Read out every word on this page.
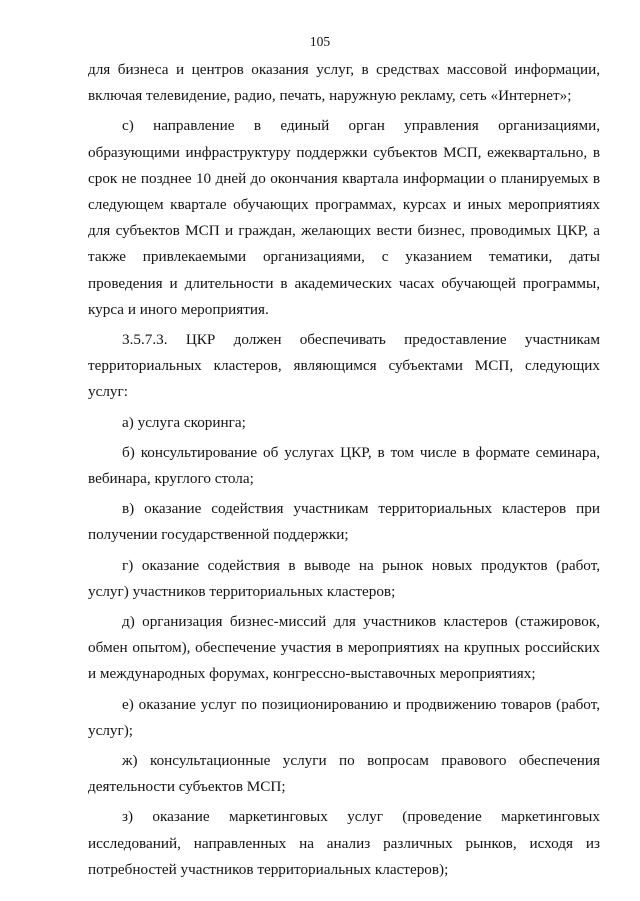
105

для бизнеса и центров оказания услуг, в средствах массовой информации, включая телевидение, радио, печать, наружную рекламу, сеть «Интернет»;

с) направление в единый орган управления организациями, образующими инфраструктуру поддержки субъектов МСП, ежеквартально, в срок не позднее 10 дней до окончания квартала информации о планируемых в следующем квартале обучающих программах, курсах и иных мероприятиях для субъектов МСП и граждан, желающих вести бизнес, проводимых ЦКР, а также привлекаемыми организациями, с указанием тематики, даты проведения и длительности в академических часах обучающей программы, курса и иного мероприятия.

3.5.7.3. ЦКР должен обеспечивать предоставление участникам территориальных кластеров, являющимся субъектами МСП, следующих услуг:

а) услуга скоринга;

б) консультирование об услугах ЦКР, в том числе в формате семинара, вебинара, круглого стола;

в) оказание содействия участникам территориальных кластеров при получении государственной поддержки;

г) оказание содействия в выводе на рынок новых продуктов (работ, услуг) участников территориальных кластеров;

д) организация бизнес-миссий для участников кластеров (стажировок, обмен опытом), обеспечение участия в мероприятиях на крупных российских и международных форумах, конгрессно-выставочных мероприятиях;

е) оказание услуг по позиционированию и продвижению товаров (работ, услуг);

ж) консультационные услуги по вопросам правового обеспечения деятельности субъектов МСП;

з) оказание маркетинговых услуг (проведение маркетинговых исследований, направленных на анализ различных рынков, исходя из потребностей участников территориальных кластеров);
